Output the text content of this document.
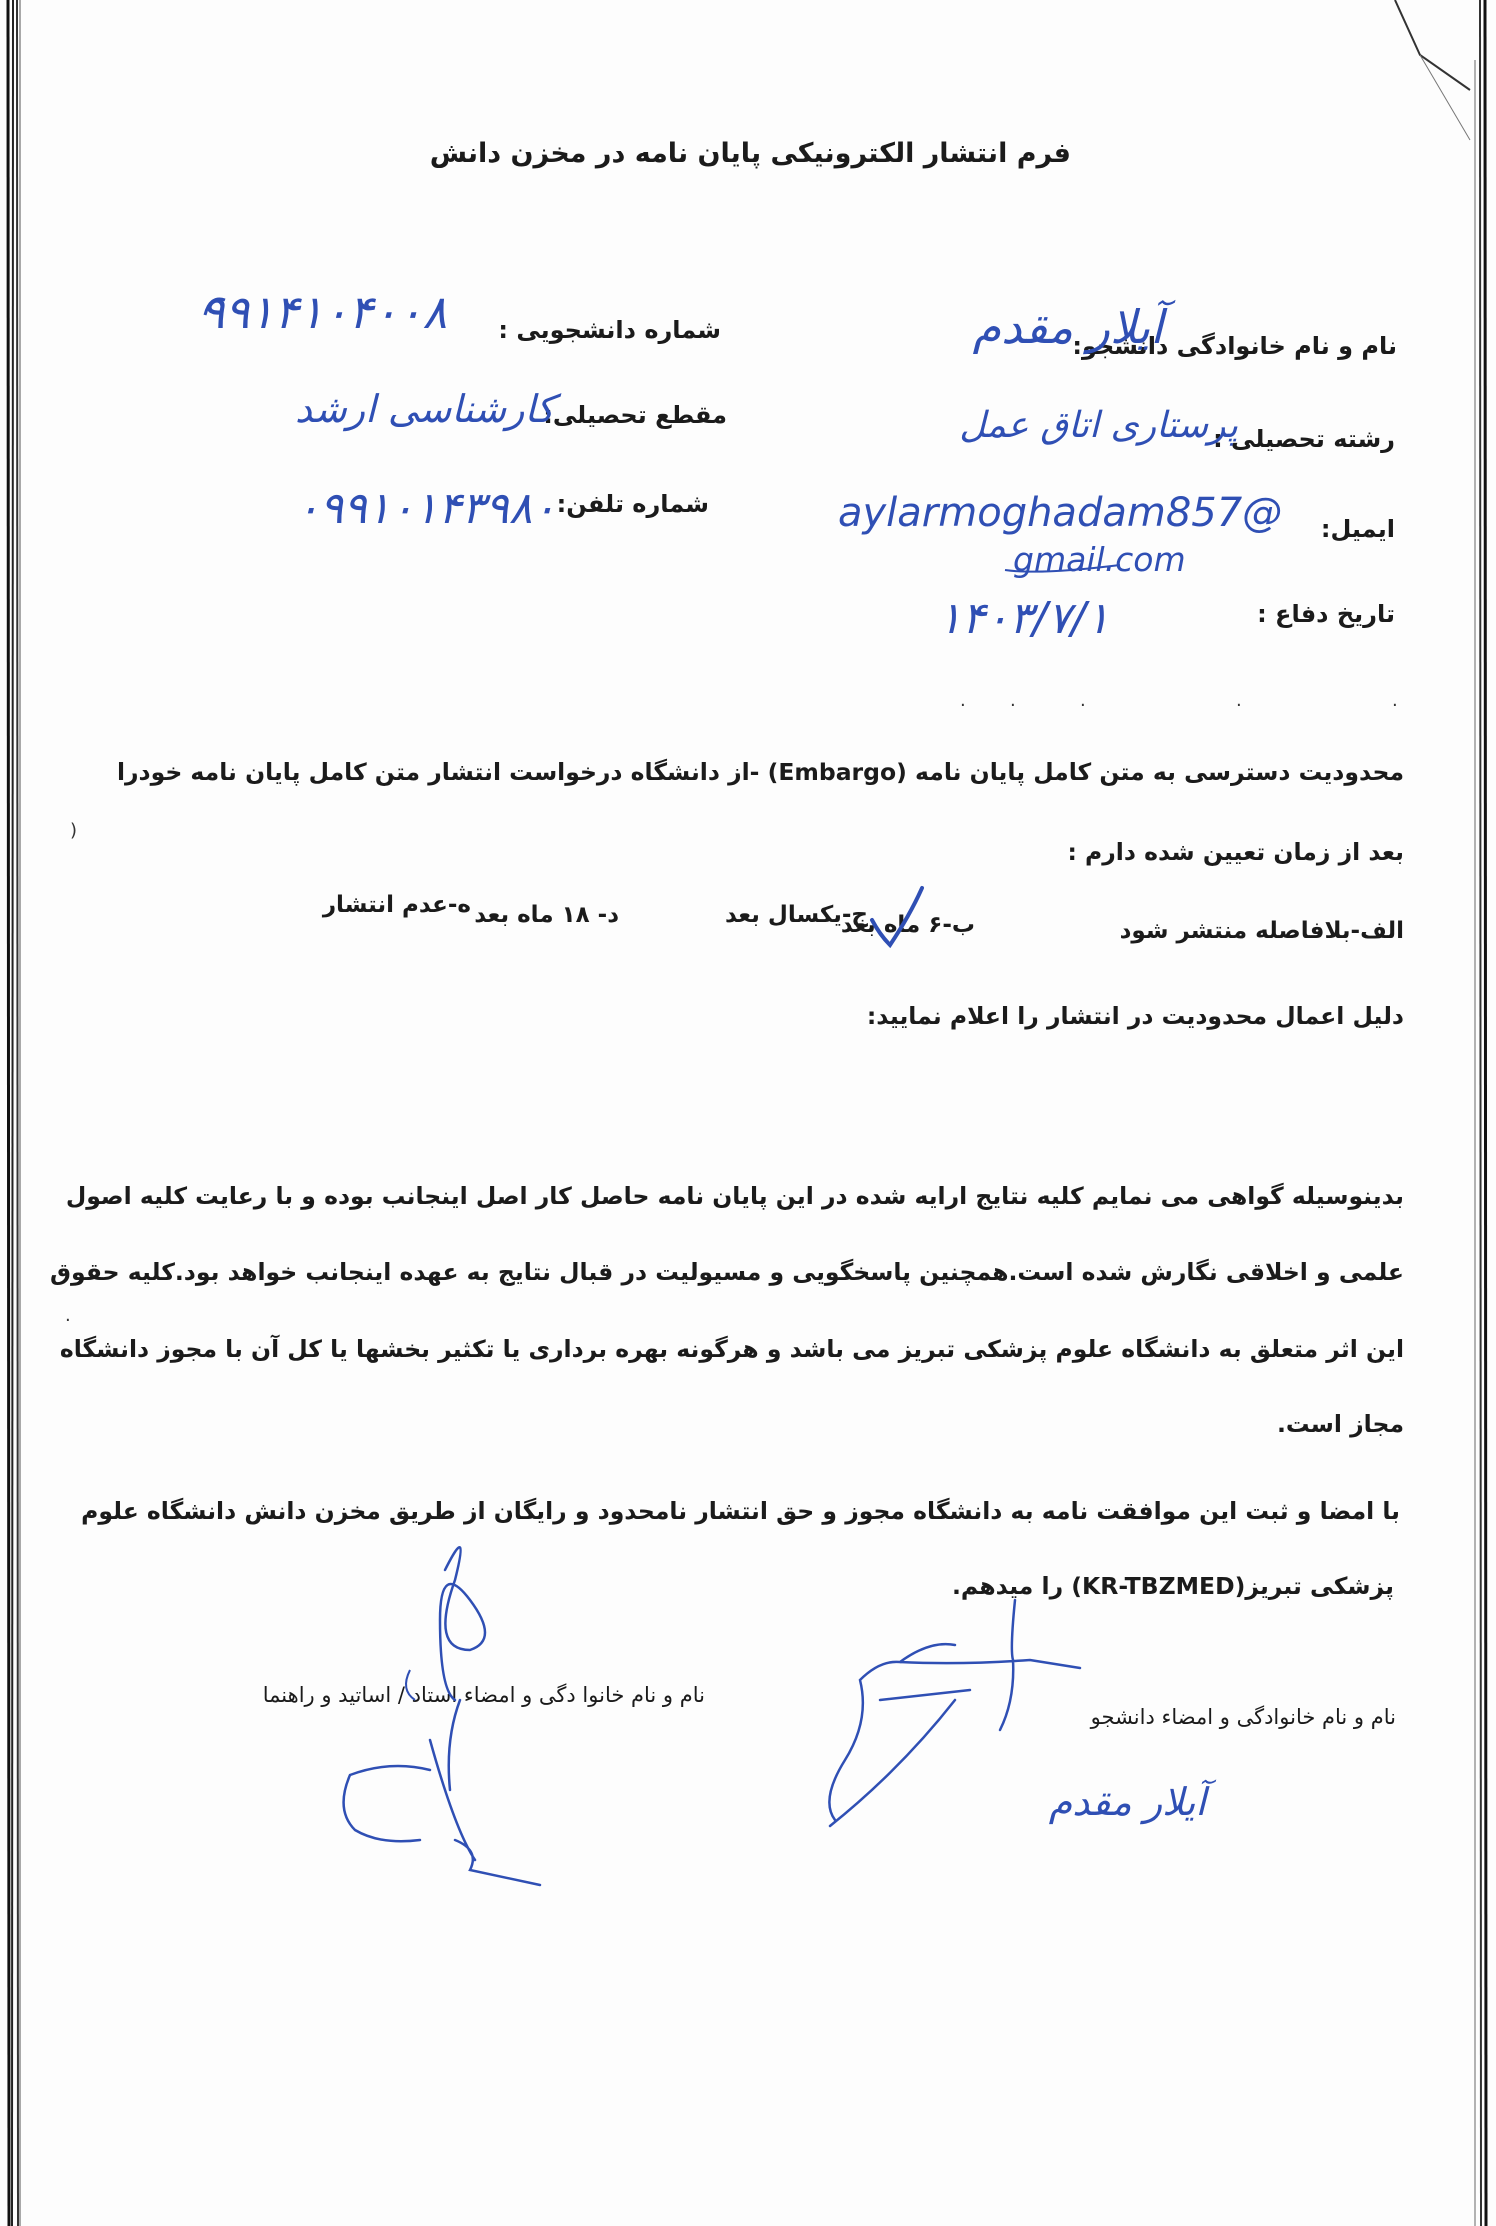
فرم انتشار الکترونیکی پایان نامه در مخزن دانش
نام و نام خانوادگی دانشجو:
رشته تحصیلی :
ایمیل:
تاریخ دفاع :
شماره دانشجویی :
مقطع تحصیلی:
شماره تلفن:
آیلار مقدم
۹۹۱۴۱۰۴۰۰۸
پرستاری اتاق عمل
کارشناسی ارشد
۰۹۹۱۰۱۴۳۹۸۰	aylarmoghadam857@
gmail.com
۱۴۰۳/۷/۱
.
.
.
. .
)
.
محدودیت دسترسی به متن کامل پایان نامه (Embargo) -از دانشگاه درخواست انتشار متن کامل پایان نامه خودرا
بعد از زمان تعیین شده دارم :
الف-بلافاصله منتشر شود
ب-۶ ماه بعد
ج-یکسال بعد
د- ۱۸ ماه بعد
ه-عدم انتشار
دلیل اعمال محدودیت در انتشار را اعلام نمایید:
بدینوسیله گواهی می نمایم کلیه نتایج ارایه شده در این پایان نامه حاصل کار اصل اینجانب بوده و با رعایت کلیه اصول
علمی و اخلاقی نگارش شده است.همچنین پاسخگویی و مسیولیت در قبال نتایج به عهده اینجانب خواهد بود.کلیه حقوق
این اثر متعلق به دانشگاه علوم پزشکی تبریز می باشد و هرگونه بهره برداری یا تکثیر بخشها یا کل آن با مجوز دانشگاه
مجاز است.
با امضا و ثبت این موافقت نامه به دانشگاه مجوز و حق انتشار نامحدود و رایگان از طریق مخزن دانش دانشگاه علوم
پزشکی تبریز(KR-TBZMED) را میدهم.
نام و نام خانوادگی و امضاء دانشجو
نام و نام خانوا دگی و امضاء استاد / اساتید و راهنما
آیلار مقدم
